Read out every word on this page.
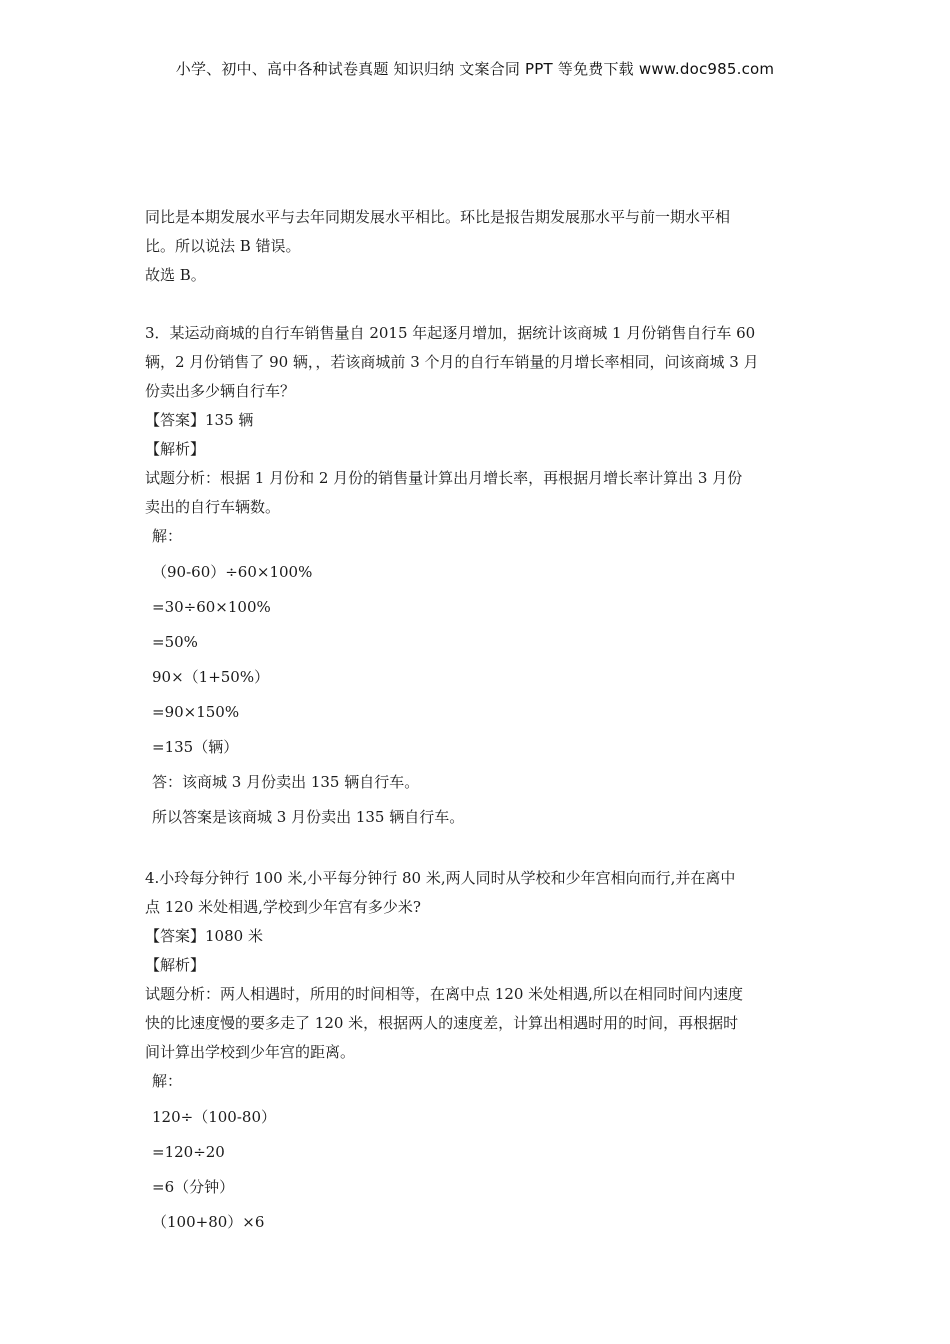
小学、初中、高中各种试卷真题 知识归纳 文案合同 PPT 等免费下载 www.doc985.com

同比是本期发展水平与去年同期发展水平相比。环比是报告期发展那水平与前一期水平相

比。所以说法 B 错误。

故选 B。

3．某运动商城的自行车销售量自 2015 年起逐月增加，据统计该商城 1 月份销售自行车 60

辆，2 月份销售了 90 辆，，若该商城前 3 个月的自行车销量的月增长率相同，问该商城 3 月

份卖出多少辆自行车？

【答案】135 辆

【解析】

试题分析：根据 1 月份和 2 月份的销售量计算出月增长率，再根据月增长率计算出 3 月份

卖出的自行车辆数。

解：

（90-60）÷60×100%

=30÷60×100%

=50%

90×（1+50%）

=90×150%

=135（辆）

答：该商城 3 月份卖出 135 辆自行车。

所以答案是该商城 3 月份卖出 135 辆自行车。

4.小玲每分钟行 100 米,小平每分钟行 80 米,两人同时从学校和少年宫相向而行,并在离中

点 120 米处相遇,学校到少年宫有多少米?

【答案】1080 米

【解析】

试题分析：两人相遇时，所用的时间相等，在离中点 120 米处相遇,所以在相同时间内速度

快的比速度慢的要多走了 120 米，根据两人的速度差，计算出相遇时用的时间，再根据时

间计算出学校到少年宫的距离。

解：

120÷（100-80）

=120÷20

=6（分钟）

（100+80）×6
